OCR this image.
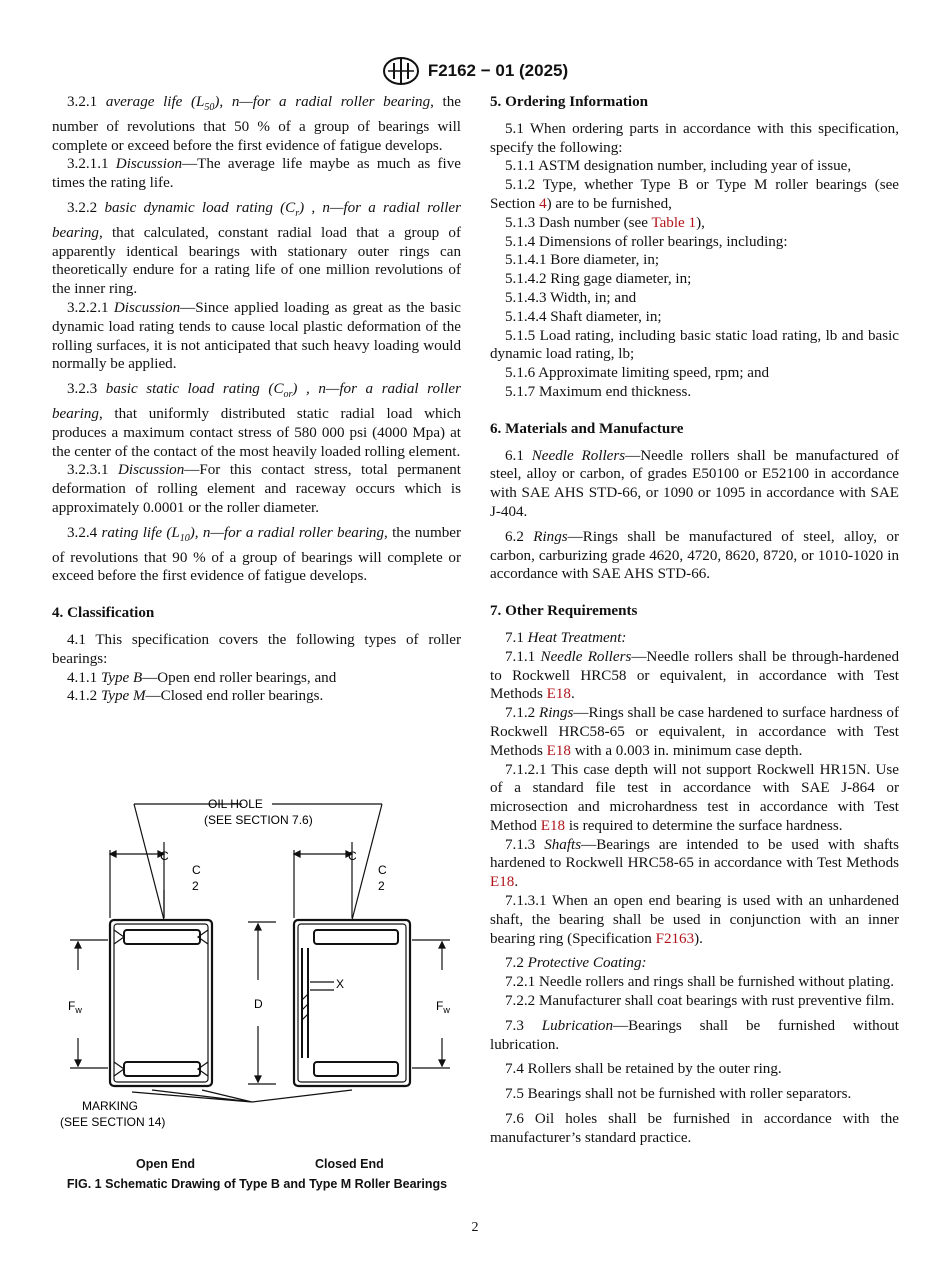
F2162 − 01 (2025)

3.2.1 average life $(L_{50})$, n—for a radial roller bearing, the number of revolutions that 50 % of a group of bearings will complete or exceed before the first evidence of fatigue develops.

3.2.1.1 Discussion—The average life maybe as much as five times the rating life.

3.2.2 basic dynamic load rating $(C_r)$ , n—for a radial roller bearing, that calculated, constant radial load that a group of apparently identical bearings with stationary outer rings can theoretically endure for a rating life of one million revolutions of the inner ring.

3.2.2.1 Discussion—Since applied loading as great as the basic dynamic load rating tends to cause local plastic deformation of the rolling surfaces, it is not anticipated that such heavy loading would normally be applied.

3.2.3 basic static load rating $(C_{or})$ , n—for a radial roller bearing, that uniformly distributed static radial load which produces a maximum contact stress of 580 000 psi (4000 Mpa) at the center of the contact of the most heavily loaded rolling element.

3.2.3.1 Discussion—For this contact stress, total permanent deformation of rolling element and raceway occurs which is approximately 0.0001 or the roller diameter.

3.2.4 rating life $(L_{10})$, n—for a radial roller bearing, the number of revolutions that 90 % of a group of bearings will complete or exceed before the first evidence of fatigue develops.

4. Classification

4.1 This specification covers the following types of roller bearings:

4.1.1 Type B—Open end roller bearings, and

4.1.2 Type M—Closed end roller bearings.

OIL HOLE
(SEE SECTION 7.6)
C
C
2
C
C
2
$F_w$	D
X
$F_w$
MARKING
(SEE SECTION 14)
Open End	Closed End
FIG. 1 Schematic Drawing of Type B and Type M Roller Bearings
5. Ordering Information

5.1 When ordering parts in accordance with this specification, specify the following:

5.1.1 ASTM designation number, including year of issue,

5.1.2 Type, whether Type B or Type M roller bearings (see Section 4) are to be furnished,

5.1.3 Dash number (see Table 1),

5.1.4 Dimensions of roller bearings, including:

5.1.4.1 Bore diameter, in;

5.1.4.2 Ring gage diameter, in;

5.1.4.3 Width, in; and

5.1.4.4 Shaft diameter, in;

5.1.5 Load rating, including basic static load rating, lb and basic dynamic load rating, lb;

5.1.6 Approximate limiting speed, rpm; and

5.1.7 Maximum end thickness.

6. Materials and Manufacture

6.1 Needle Rollers—Needle rollers shall be manufactured of steel, alloy or carbon, of grades E50100 or E52100 in accordance with SAE AHS STD-66, or 1090 or 1095 in accordance with SAE J-404.

6.2 Rings—Rings shall be manufactured of steel, alloy, or carbon, carburizing grade 4620, 4720, 8620, 8720, or 1010-1020 in accordance with SAE AHS STD-66.

7. Other Requirements

7.1 Heat Treatment:

7.1.1 Needle Rollers—Needle rollers shall be through-hardened to Rockwell HRC58 or equivalent, in accordance with Test Methods E18.

7.1.2 Rings—Rings shall be case hardened to surface hardness of Rockwell HRC58-65 or equivalent, in accordance with Test Methods E18 with a 0.003 in. minimum case depth.

7.1.2.1 This case depth will not support Rockwell HR15N. Use of a standard file test in accordance with SAE J-864 or microsection and microhardness test in accordance with Test Method E18 is required to determine the surface hardness.

7.1.3 Shafts—Bearings are intended to be used with shafts hardened to Rockwell HRC58-65 in accordance with Test Methods E18.

7.1.3.1 When an open end bearing is used with an unhardened shaft, the bearing shall be used in conjunction with an inner bearing ring (Specification F2163).

7.2 Protective Coating:

7.2.1 Needle rollers and rings shall be furnished without plating.

7.2.2 Manufacturer shall coat bearings with rust preventive film.

7.3 Lubrication—Bearings shall be furnished without lubrication.

7.4 Rollers shall be retained by the outer ring.

7.5 Bearings shall not be furnished with roller separators.

7.6 Oil holes shall be furnished in accordance with the manufacturer’s standard practice.

2
